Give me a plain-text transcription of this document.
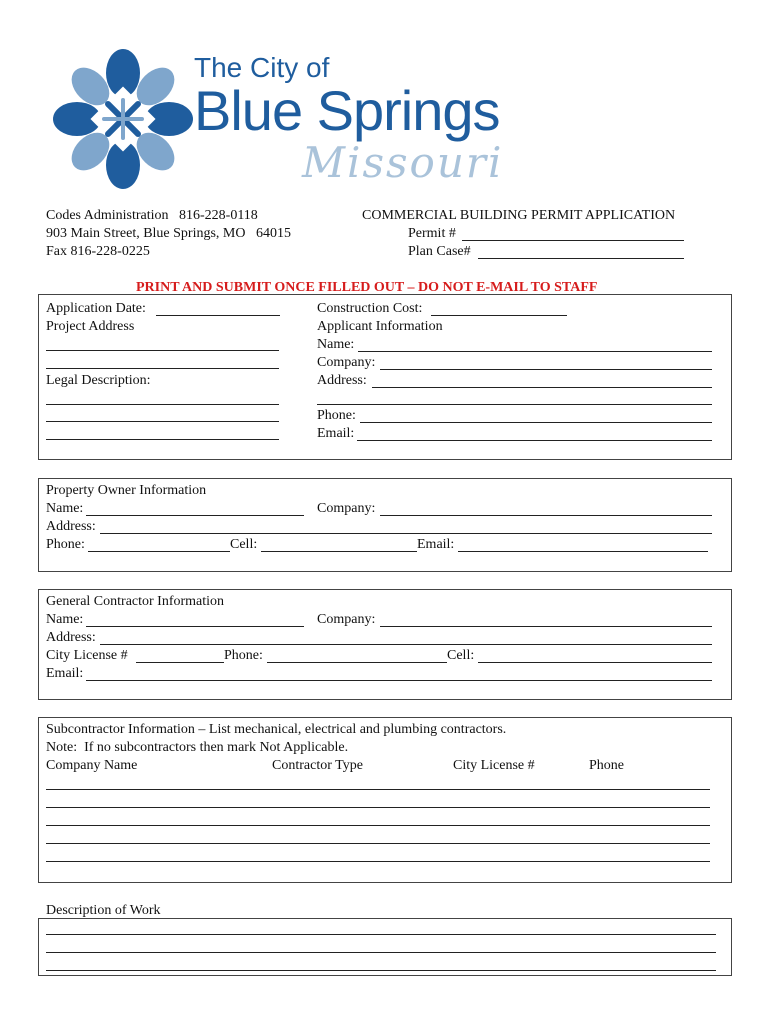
The City of
Blue Springs
Missouri
Codes Administration   816-228-0118
903 Main Street, Blue Springs, MO   64015
Fax 816-228-0225
COMMERCIAL BUILDING PERMIT APPLICATION
Permit #
Plan Case#
PRINT AND SUBMIT ONCE FILLED OUT – DO NOT E-MAIL TO STAFF
Application Date:
Project Address
Legal Description:
Construction Cost:
Applicant Information
Name:
Company:
Address:
Phone:
Email:
Property Owner Information
Name:	Company:
Address:
Phone:	Cell:	Email:
General Contractor Information
Name:	Company:
Address:
City License #	Phone:	Cell:
Email:
Subcontractor Information – List mechanical, electrical and plumbing contractors.
Note:  If no subcontractors then mark Not Applicable.
Company Name	Contractor Type	City License #	Phone
Description of Work
